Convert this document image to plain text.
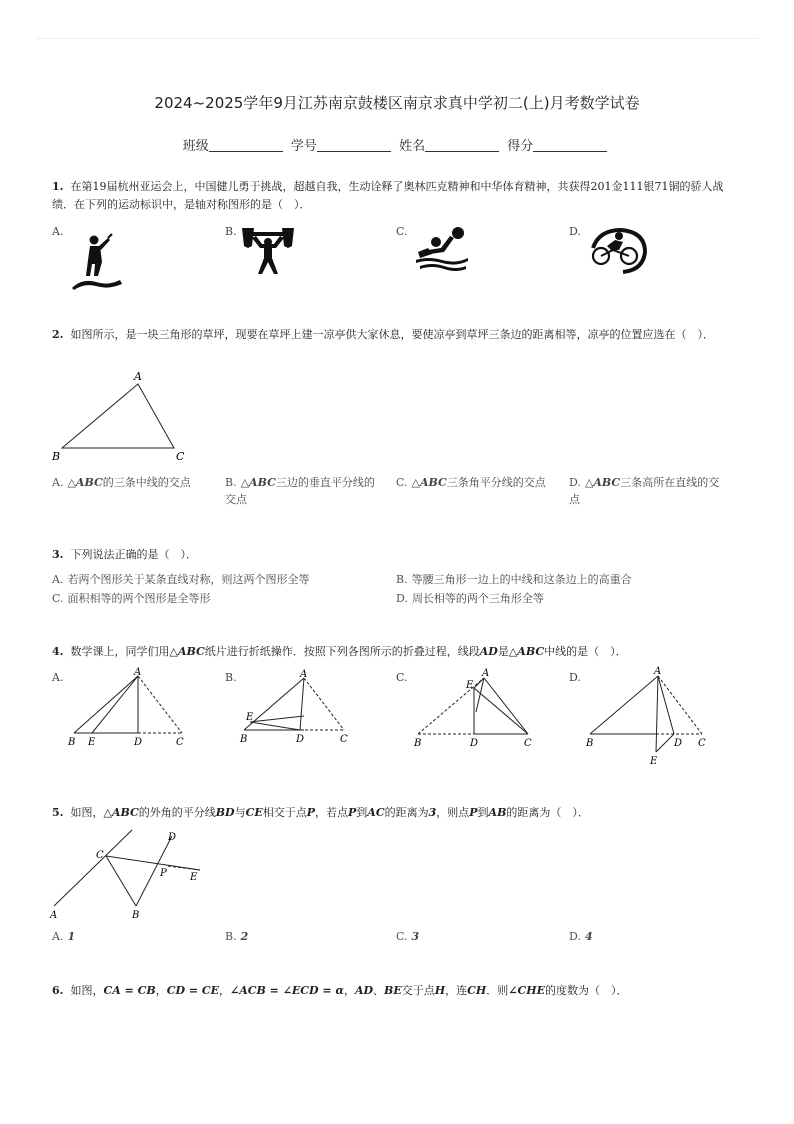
2024~2025学年9月江苏南京鼓楼区南京求真中学初二(上)月考数学试卷
班级	学号	姓名	得分
1. 在第19届杭州亚运会上，中国健儿勇于挑战，超越自我，生动诠释了奥林匹克精神和中华体育精神，共获得201金111银71铜的骄人战绩．在下列的运动标识中，是轴对称图形的是（　）．
A.	B.	C.	D.
2. 如图所示，是一块三角形的草坪，现要在草坪上建一凉亭供大家休息，要使凉亭到草坪三条边的距离相等，凉亭的位置应选在（　）．
A
B	C
A. △ABC的三条中线的交点	B. △ABC三边的垂直平分线的交点
C. △ABC三条角平分线的交点	D. △ABC三条高所在直线的交点
3. 下列说法正确的是（　）．
A. 若两个图形关于某条直线对称，则这两个图形全等	B. 等腰三角形一边上的中线和这条边上的高重合
C. 面积相等的两个图形是全等形	D. 周长相等的两个三角形全等
4. 数学课上，同学们用△ABC纸片进行折纸操作．按照下列各图所示的折叠过程，线段AD是△ABC中线的是（　）．
A.	A
B E	D	C
B.	A
E
B	D	C
C.	A
E
B	D	C
D.	A
B	D C
E
5. 如图，△ABC的外角的平分线BD与CE相交于点P，若点P到AC的距离为3，则点P到AB的距离为（　）．
D
C
P E
A	B
A. 1	B. 2	C. 3	D. 4
6. 如图，CA = CB，CD = CE，∠ACB = ∠ECD = α，AD、BE交于点H，连CH．则∠CHE的度数为（　）．
